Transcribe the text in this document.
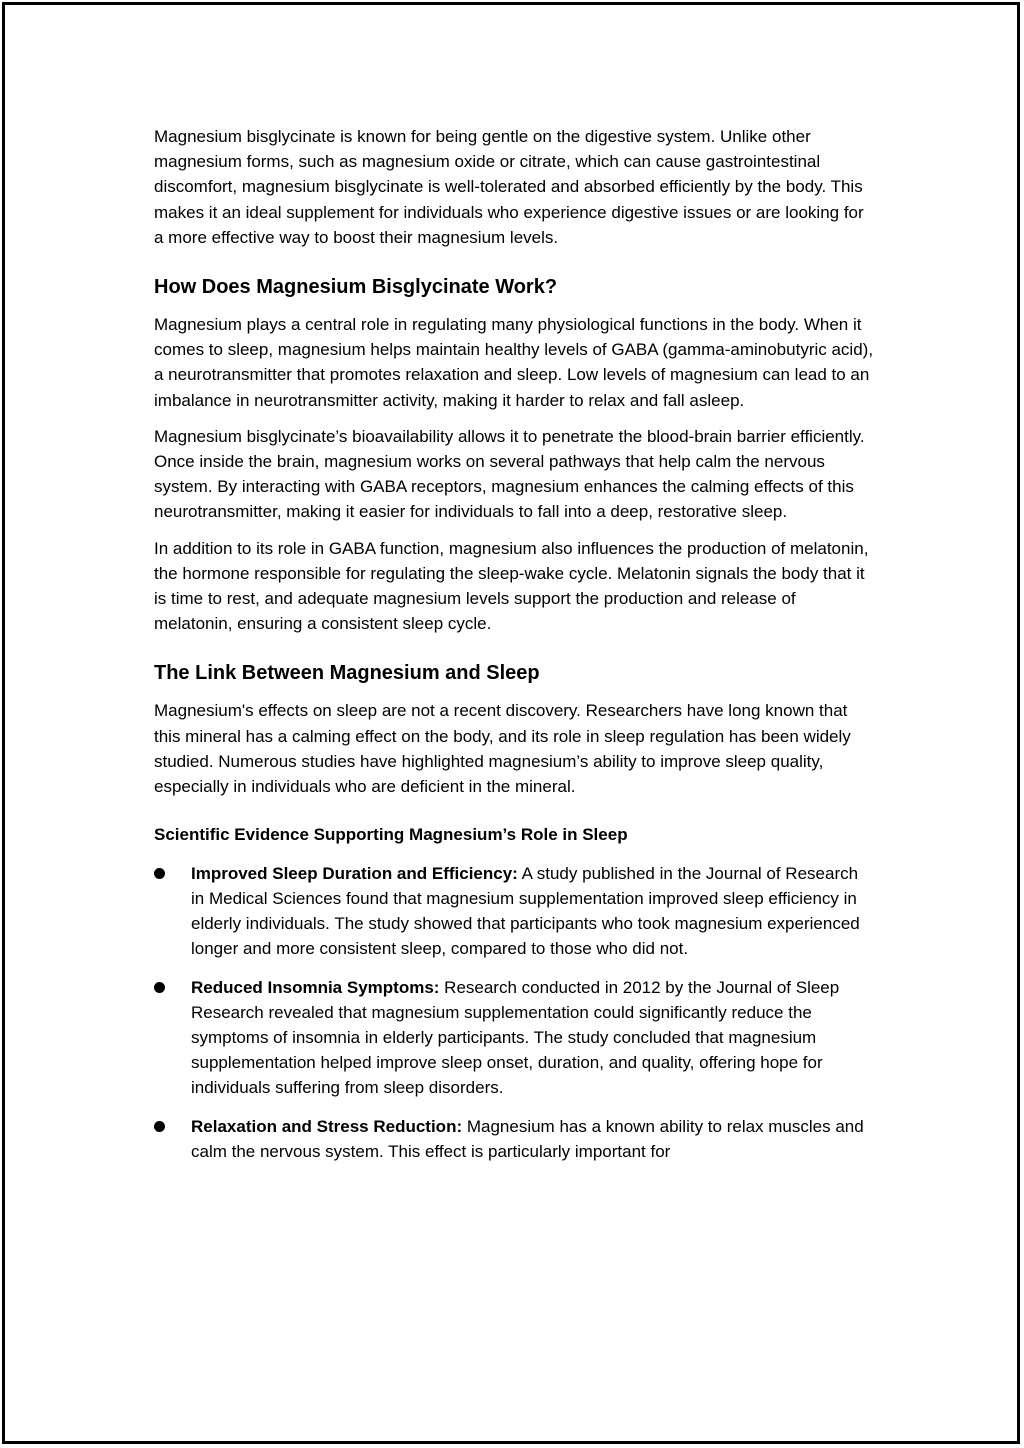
Magnesium bisglycinate is known for being gentle on the digestive system. Unlike other magnesium forms, such as magnesium oxide or citrate, which can cause gastrointestinal discomfort, magnesium bisglycinate is well-tolerated and absorbed efficiently by the body. This makes it an ideal supplement for individuals who experience digestive issues or are looking for a more effective way to boost their magnesium levels.

How Does Magnesium Bisglycinate Work?

Magnesium plays a central role in regulating many physiological functions in the body. When it comes to sleep, magnesium helps maintain healthy levels of GABA (gamma-aminobutyric acid), a neurotransmitter that promotes relaxation and sleep. Low levels of magnesium can lead to an imbalance in neurotransmitter activity, making it harder to relax and fall asleep.

Magnesium bisglycinate’s bioavailability allows it to penetrate the blood-brain barrier efficiently. Once inside the brain, magnesium works on several pathways that help calm the nervous system. By interacting with GABA receptors, magnesium enhances the calming effects of this neurotransmitter, making it easier for individuals to fall into a deep, restorative sleep.

In addition to its role in GABA function, magnesium also influences the production of melatonin, the hormone responsible for regulating the sleep-wake cycle. Melatonin signals the body that it is time to rest, and adequate magnesium levels support the production and release of melatonin, ensuring a consistent sleep cycle.

The Link Between Magnesium and Sleep

Magnesium's effects on sleep are not a recent discovery. Researchers have long known that this mineral has a calming effect on the body, and its role in sleep regulation has been widely studied. Numerous studies have highlighted magnesium’s ability to improve sleep quality, especially in individuals who are deficient in the mineral.

Scientific Evidence Supporting Magnesium’s Role in Sleep
Improved Sleep Duration and Efficiency: A study published in the Journal of Research in Medical Sciences found that magnesium supplementation improved sleep efficiency in elderly individuals. The study showed that participants who took magnesium experienced longer and more consistent sleep, compared to those who did not.
Reduced Insomnia Symptoms: Research conducted in 2012 by the Journal of Sleep Research revealed that magnesium supplementation could significantly reduce the symptoms of insomnia in elderly participants. The study concluded that magnesium supplementation helped improve sleep onset, duration, and quality, offering hope for individuals suffering from sleep disorders.
Relaxation and Stress Reduction: Magnesium has a known ability to relax muscles and calm the nervous system. This effect is particularly important for
